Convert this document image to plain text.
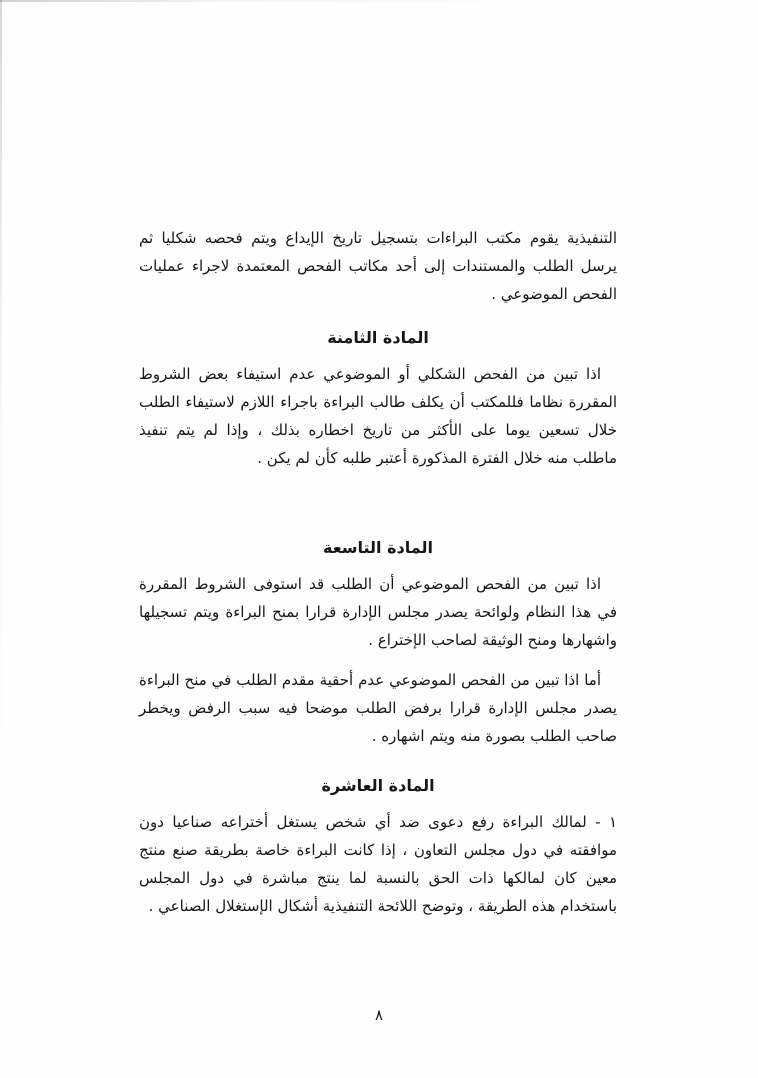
التنفيذية يقوم مكتب البراءات بتسجيل تاريخ الإيداع ويتم فحصه شكليا ثم يرسل الطلب والمستندات إلى أحد مكاتب الفحص المعتمدة لاجراء عمليات الفحص الموضوعي .

المادة الثامنة

اذا تبين من الفحص الشكلي أو الموضوعي عدم استيفاء بعض الشروط المقررة نظاما فللمكتب أن يكلف طالب البراءة باجراء اللازم لاستيفاء الطلب خلال تسعين يوما على الأكثر من تاريخ اخطاره بذلك ، وإذا لم يتم تنفيذ ماطلب منه خلال الفترة المذكورة أعتبر طلبه كأن لم يكن .

المادة التاسعة

اذا تبين من الفحص الموضوعي أن الطلب قد استوفى الشروط المقررة في هذا النظام ولوائحة يصدر مجلس الإدارة قرارا بمنح البراءة ويتم تسجيلها واشهارها ومنح الوثيقة لصاحب الإختراع .

أما اذا تبين من الفحص الموضوعي عدم أحقية مقدم الطلب في منح البراءة يصدر مجلس الإدارة قرارا برفض الطلب موضحا فيه سبب الرفض ويخطر صاحب الطلب بصورة منه ويتم اشهاره .

المادة العاشرة

١ - لمالك البراءة رفع دعوى ضد أي شخص يستغل أختراعه صناعيا دون موافقته في دول مجلس التعاون ، إذا كانت البراءة خاصة بطريقة صنع منتج معين كان لمالكها ذات الحق بالنسبة لما ينتج مباشرة في دول المجلس باستخدام هذه الطريقة ، وتوضح اللائحة التنفيذية أشكال الإستغلال الصناعي .

٨
